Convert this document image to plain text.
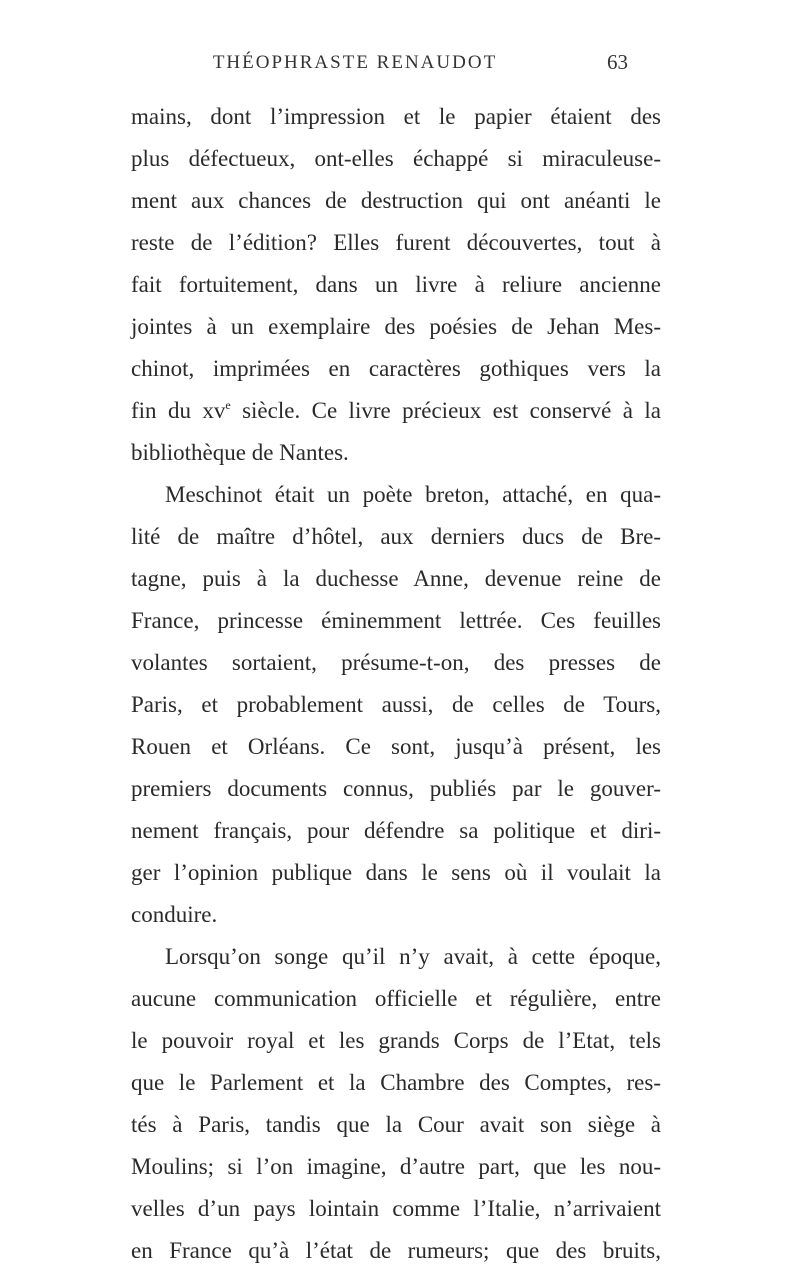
THÉOPHRASTE RENAUDOT	63
mains, dont l’impression et le papier étaient des
plus défectueux, ont-elles échappé si miraculeuse-
ment aux chances de destruction qui ont anéanti le
reste de l’édition? Elles furent découvertes, tout à
fait fortuitement, dans un livre à reliure ancienne
jointes à un exemplaire des poésies de Jehan Mes-
chinot, imprimées en caractères gothiques vers la
fin du $xv^e$ siècle. Ce livre précieux est conservé à la
bibliothèque de Nantes.
Meschinot était un poète breton, attaché, en qua-
lité de maître d’hôtel, aux derniers ducs de Bre-
tagne, puis à la duchesse Anne, devenue reine de
France, princesse éminemment lettrée. Ces feuilles
volantes sortaient, présume-t-on, des presses de
Paris, et probablement aussi, de celles de Tours,
Rouen et Orléans. Ce sont, jusqu’à présent, les
premiers documents connus, publiés par le gouver-
nement français, pour défendre sa politique et diri-
ger l’opinion publique dans le sens où il voulait la
conduire.
Lorsqu’on songe qu’il n’y avait, à cette époque,
aucune communication officielle et régulière, entre
le pouvoir royal et les grands Corps de l’Etat, tels
que le Parlement et la Chambre des Comptes, res-
tés à Paris, tandis que la Cour avait son siège à
Moulins; si l’on imagine, d’autre part, que les nou-
velles d’un pays lointain comme l’Italie, n’arrivaient
en France qu’à l’état de rumeurs; que des bruits,
